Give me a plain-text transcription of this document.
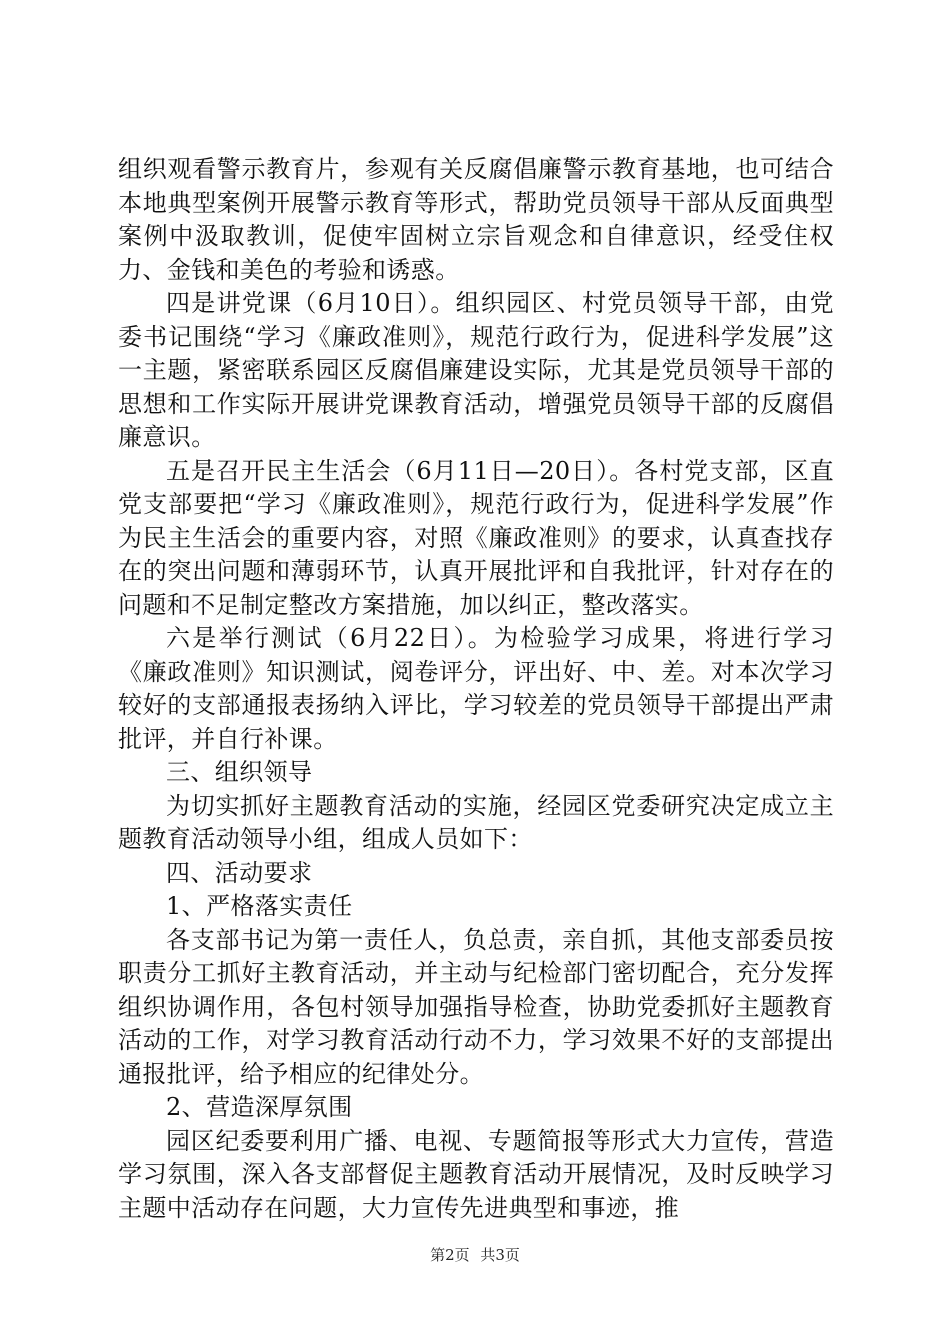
组织观看警示教育片，参观有关反腐倡廉警示教育基地，也可结合本地典型案例开展警示教育等形式，帮助党员领导干部从反面典型案例中汲取教训，促使牢固树立宗旨观念和自律意识，经受住权力、金钱和美色的考验和诱惑。

四是讲党课（6月10日）。组织园区、村党员领导干部，由党委书记围绕“学习《廉政准则》，规范行政行为，促进科学发展”这一主题，紧密联系园区反腐倡廉建设实际，尤其是党员领导干部的思想和工作实际开展讲党课教育活动，增强党员领导干部的反腐倡廉意识。

五是召开民主生活会（6月11日—20日）。各村党支部，区直党支部要把“学习《廉政准则》，规范行政行为，促进科学发展”作为民主生活会的重要内容，对照《廉政准则》的要求，认真查找存在的突出问题和薄弱环节，认真开展批评和自我批评，针对存在的问题和不足制定整改方案措施，加以纠正，整改落实。

六是举行测试（6月22日）。为检验学习成果，将进行学习《廉政准则》知识测试，阅卷评分，评出好、中、差。对本次学习较好的支部通报表扬纳入评比，学习较差的党员领导干部提出严肃批评，并自行补课。

三、组织领导

为切实抓好主题教育活动的实施，经园区党委研究决定成立主题教育活动领导小组，组成人员如下：

四、活动要求

1、严格落实责任

各支部书记为第一责任人，负总责，亲自抓，其他支部委员按职责分工抓好主教育活动，并主动与纪检部门密切配合，充分发挥组织协调作用，各包村领导加强指导检查，协助党委抓好主题教育活动的工作，对学习教育活动行动不力，学习效果不好的支部提出通报批评，给予相应的纪律处分。

2、营造深厚氛围

园区纪委要利用广播、电视、专题简报等形式大力宣传，营造学习氛围，深入各支部督促主题教育活动开展情况，及时反映学习主题中活动存在问题，大力宣传先进典型和事迹，推

第2页 共3页
